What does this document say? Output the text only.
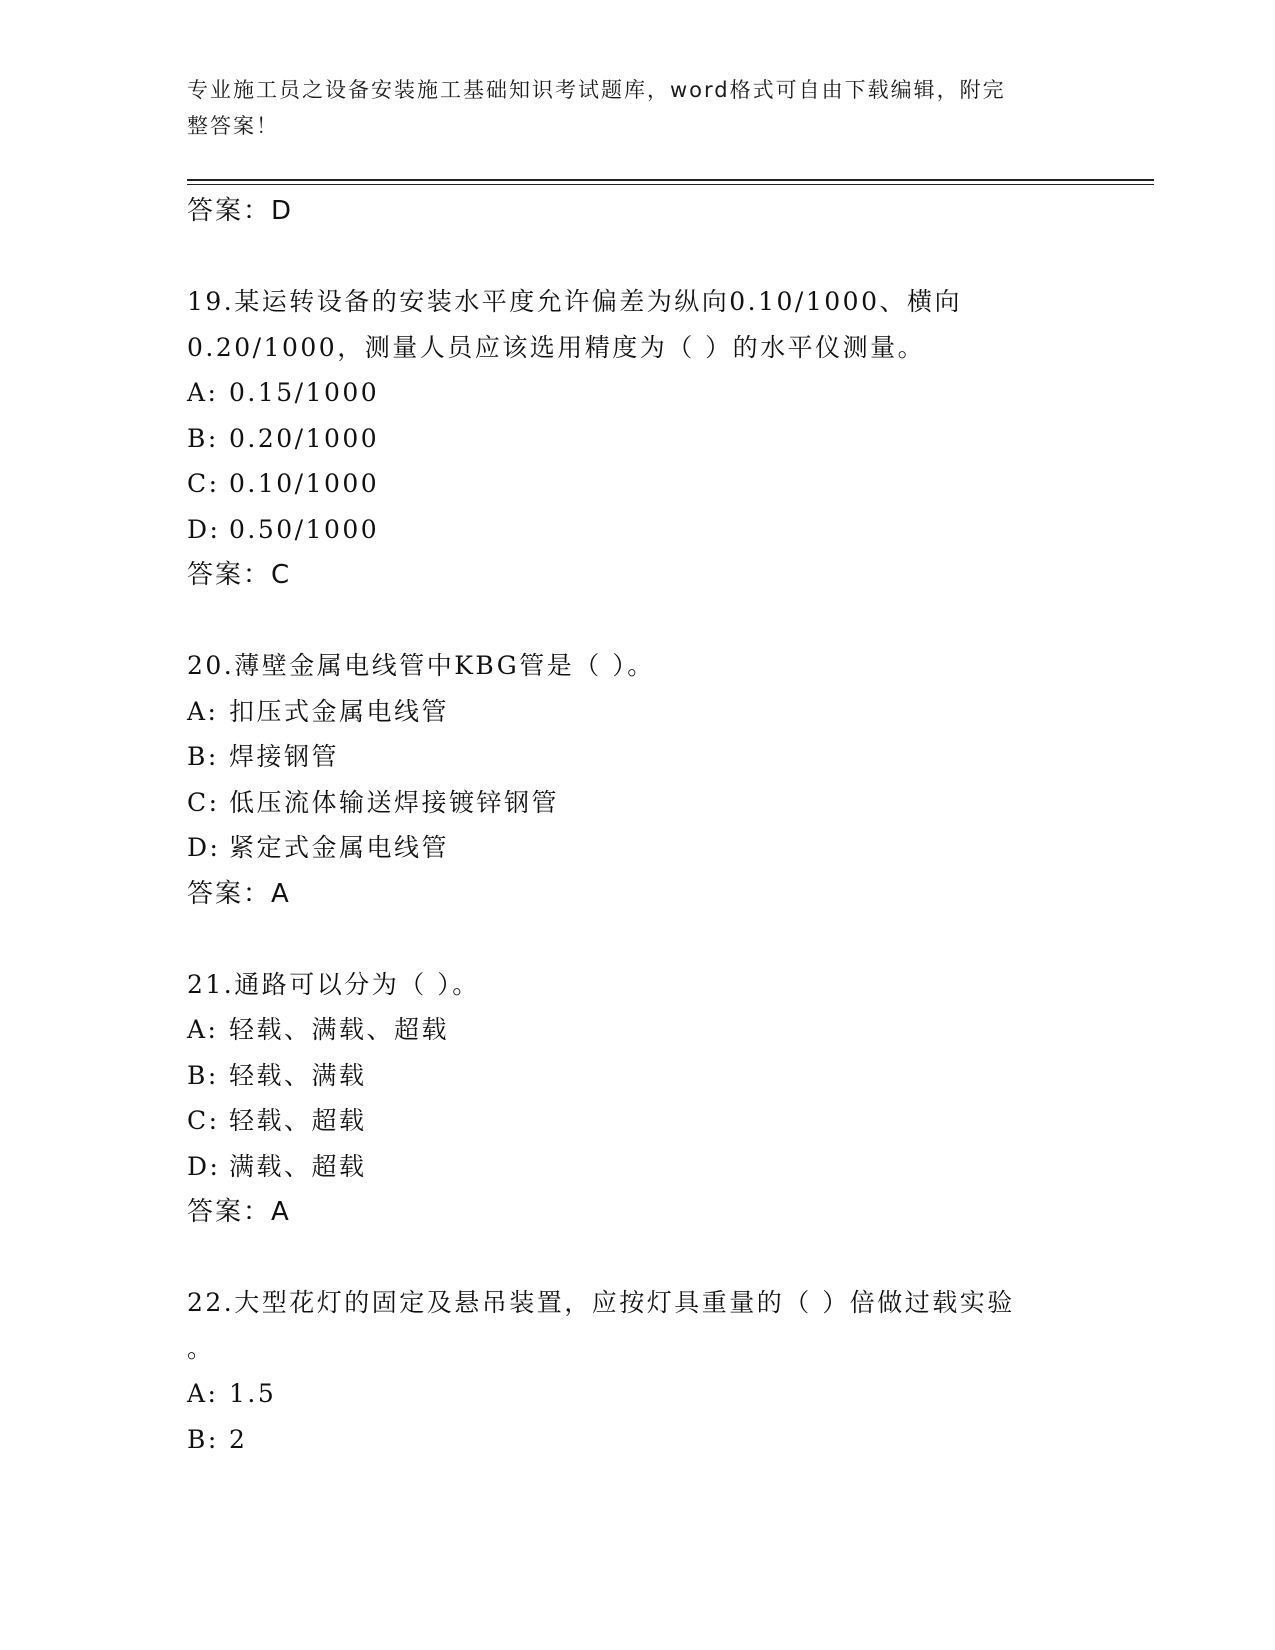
专业施工员之设备安装施工基础知识考试题库，word格式可自由下载编辑，附完
整答案！
答案：D
19.某运转设备的安装水平度允许偏差为纵向0.10/1000、横向
0.20/1000，测量人员应该选用精度为（ ）的水平仪测量。
A: 0.15/1000
B: 0.20/1000
C: 0.10/1000
D: 0.50/1000
答案：C
20.薄壁金属电线管中KBG管是（ ）。
A: 扣压式金属电线管
B: 焊接钢管
C: 低压流体输送焊接镀锌钢管
D: 紧定式金属电线管
答案：A
21.通路可以分为（ ）。
A: 轻载、满载、超载
B: 轻载、满载
C: 轻载、超载
D: 满载、超载
答案：A
22.大型花灯的固定及悬吊装置，应按灯具重量的（ ）倍做过载实验
。
A: 1.5
B: 2
